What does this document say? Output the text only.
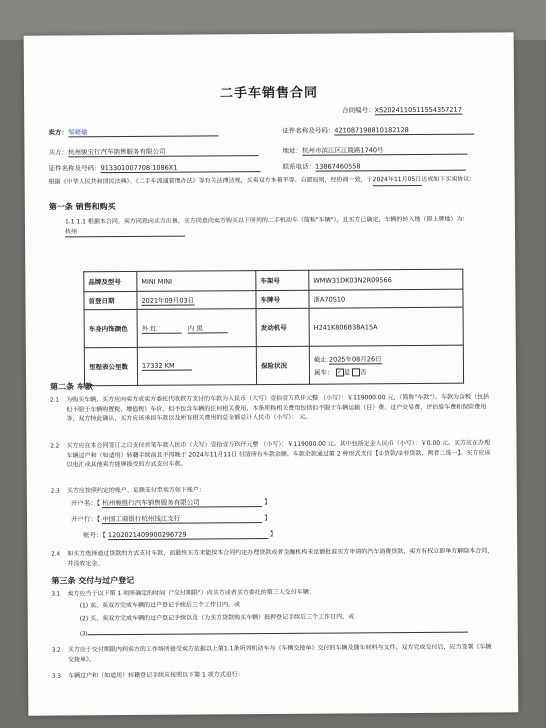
二手车销售合同
合同编号：XS20241105115543572​17
卖方：邹晓瑜	证件名称及号码：42108719881018212​8
买方：杭州骏宝行汽车销售服务有限公司	地址：杭州市滨江区江陵路1740号
证件名称及号码：913301007708 1086X1	联系电话：13867460558
根据《中华人民共和国民法典》、《二手车流通管理办法》等有关法律法规，买卖双方本着平等、自愿原则，经协商一致，于2024年11月05日达成如下买卖协议：
第一条 销售和购买
1.1 1.1 根据本合同，卖方同意向买方出售，买方同意向卖方购买以下所列的二手机动车（简称"车辆"），且买方已确定，车辆的转入地（即上牌地）为：杭州
品牌及型号	MINI MINI	车架号	WMW31DK03N2R09566
首登日期	2021年09月03日	车牌号	浙A70S10
车身内饰颜色	外 红 内 黑	发动机号	H241K806B38A15A
里程表公里数	17332 KM	保险状况	截止 2025年08月26日
属车： ✓ 是 否
第二条 车款
2.1 为购买车辆，买方应向卖方或卖方委托代收款方支付的车款为人民币（大写）壹拾壹万玖仟元整 （小写）：￥119000.00 元，（简称"车款"）。车款为含税（包括但不限于车辆购置税、增值税）车价，但不包含车辆的任何相关费用，本条所称相关费用包括但不限于车辆运输（目）费、过户交易费、评估验车费和保险费用等，双方特此确认，买方应该承担车款以及所有相关费用的总金额总计人民币（小写）： 元。
2.2 买方应在本合同签订之日支付首笔车款人民币（大写）壹拾壹万玖仟元整 （小写）：￥119000.00 元。其中包括定金人民币（小写）：￥0.00 元。买方应在办理车辆过户和（如适用）转籍手续前且不得晚于 2024年11月11日 付清所有车款余额。车款余款通过第 2 种形式支付【①贷款/②非贷款，两者二选一】。买方应该以电汇或其他卖方能够接受的方式支付车款。
2.3 买方应按照约定的账户、足额支付至卖方如下账户：
开户名：【 杭州骏胜行汽车销售服务有限公司	】
开户行：【 中国工商银行杭州钱江支行	】
账号：【 1202021409900296729	】
2.4 如买方选择通过贷款的方式支付车款，而最终买方未能按本合同约定办理贷款或者金融机构未足额批准买方申请的汽车消费贷款，卖方有权立即单方解除本合同，并没收定金。
第三条 交付与过户登记
3.1 卖方应当于以下第 1 项所确定的时间（"交付期限"）向买方或者买方委托的第三人交付车辆：
(1) 卖、卖双方完成车辆的过户登记手续后三个工作日内，或
(2) 买、卖双方完成车辆的过户登记手续以及（为买方贷款购买车辆）抵押登记手续后三个工作日内，或
(3)
3.2 买方应于交付期限内到卖方的工作场所接受卖方依据以上第1.1条所列机动车与《车辆交接单》交付的车辆及随车材料与文件。双方完成交付后，应当签署《车辆交接单》。
3.3 车辆过户和（如适用）转籍登记手续应按照以下第 1 项方式进行：
